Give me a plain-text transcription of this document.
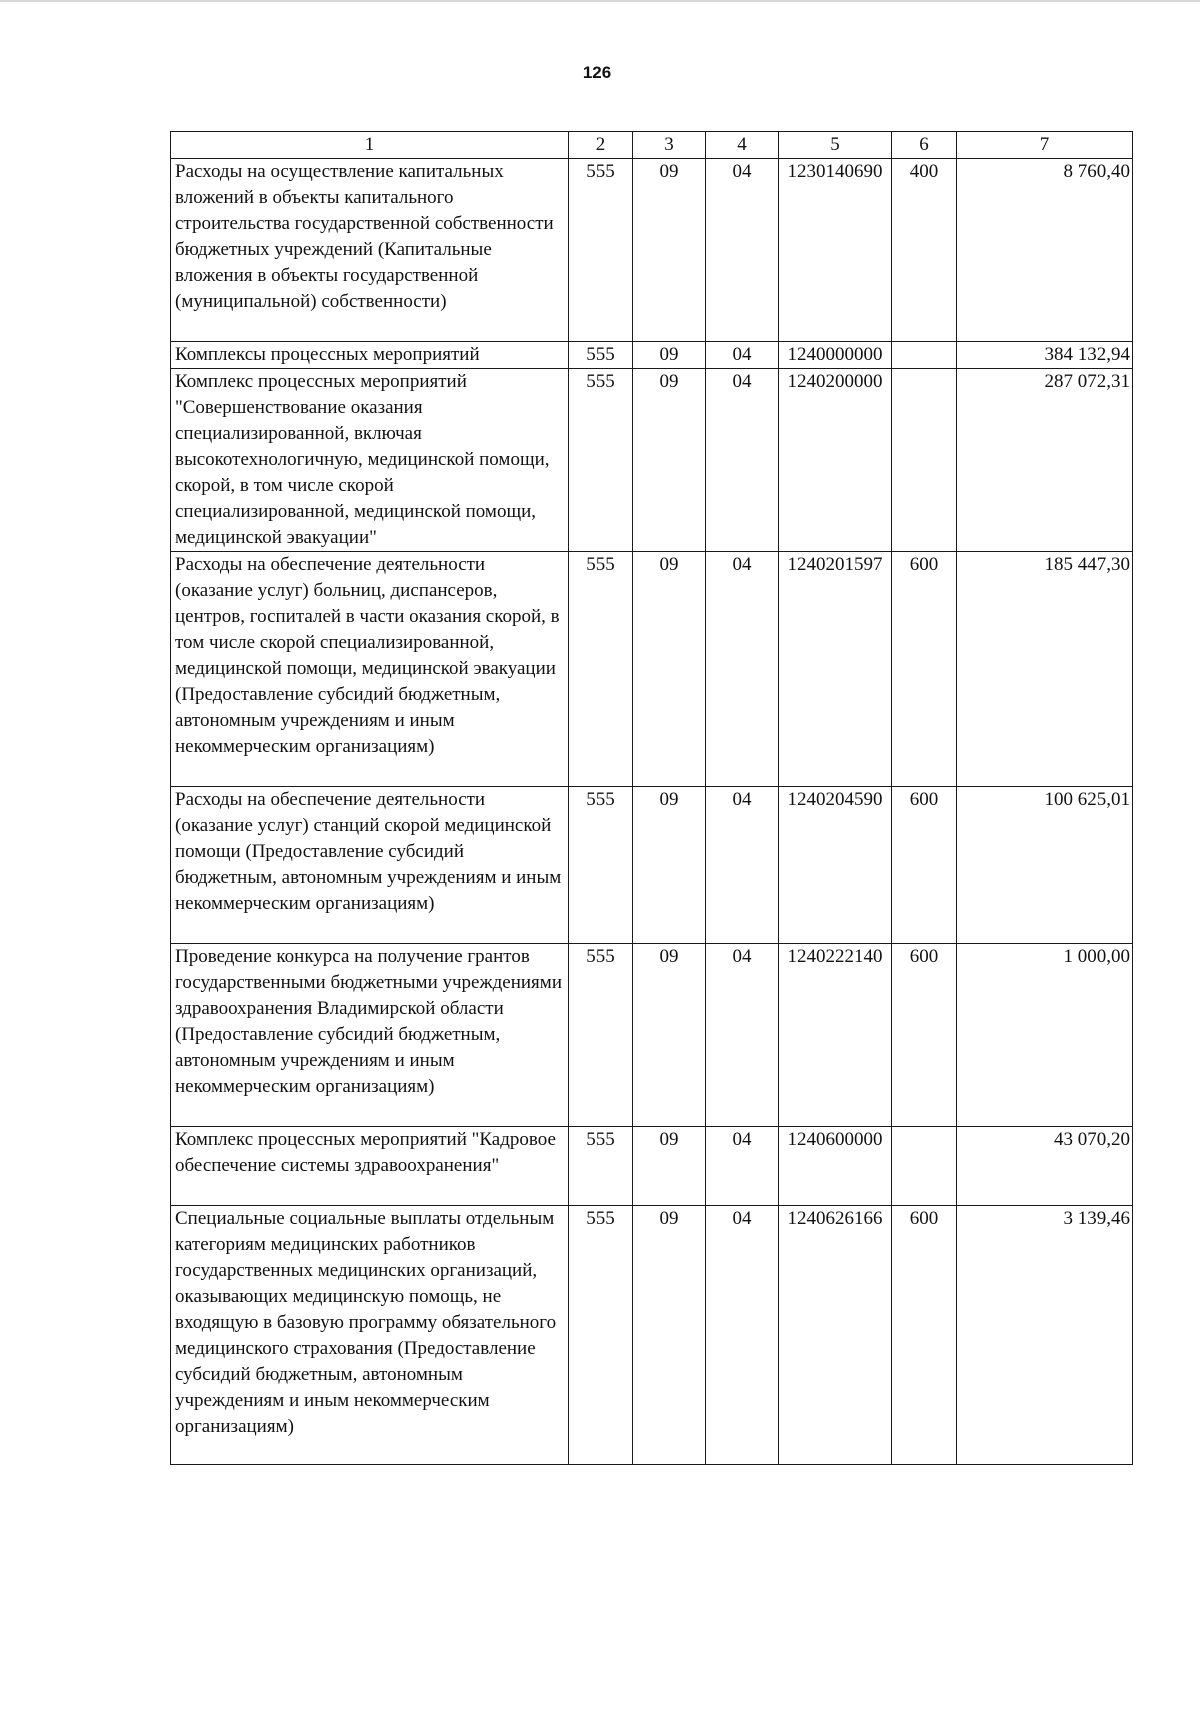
126
1	2	3	4	5	6	7
Расходы на осуществление капитальных вложений в объекты капитального строительства государственной собственности бюджетных учреждений (Капитальные вложения в объекты государственной (муниципальной) собственности)	555	09	04	1230140690	400	8 760,40
Комплексы процессных мероприятий	555	09	04	1240000000		384 132,94
Комплекс процессных мероприятий "Совершенствование оказания специализированной, включая высокотехнологичную, медицинской помощи, скорой, в том числе скорой специализированной, медицинской помощи, медицинской эвакуации"	555	09	04	1240200000		287 072,31
Расходы на обеспечение деятельности (оказание услуг) больниц, диспансеров, центров, госпиталей в части оказания скорой, в том числе скорой специализированной, медицинской помощи, медицинской эвакуации (Предоставление субсидий бюджетным, автономным учреждениям и иным некоммерческим организациям)	555	09	04	1240201597	600	185 447,30
Расходы на обеспечение деятельности (оказание услуг) станций скорой медицинской помощи (Предоставление субсидий бюджетным, автономным учреждениям и иным некоммерческим организациям)	555	09	04	1240204590	600	100 625,01
Проведение конкурса на получение грантов государственными бюджетными учреждениями здравоохранения Владимирской области (Предоставление субсидий бюджетным, автономным учреждениям и иным некоммерческим организациям)	555	09	04	1240222140	600	1 000,00
Комплекс процессных мероприятий "Кадровое обеспечение системы здравоохранения"	555	09	04	1240600000		43 070,20
Специальные социальные выплаты отдельным категориям медицинских работников государственных медицинских организаций, оказывающих медицинскую помощь, не входящую в базовую программу обязательного медицинского страхования (Предоставление субсидий бюджетным, автономным учреждениям и иным некоммерческим организациям)	555	09	04	1240626166	600	3 139,46
